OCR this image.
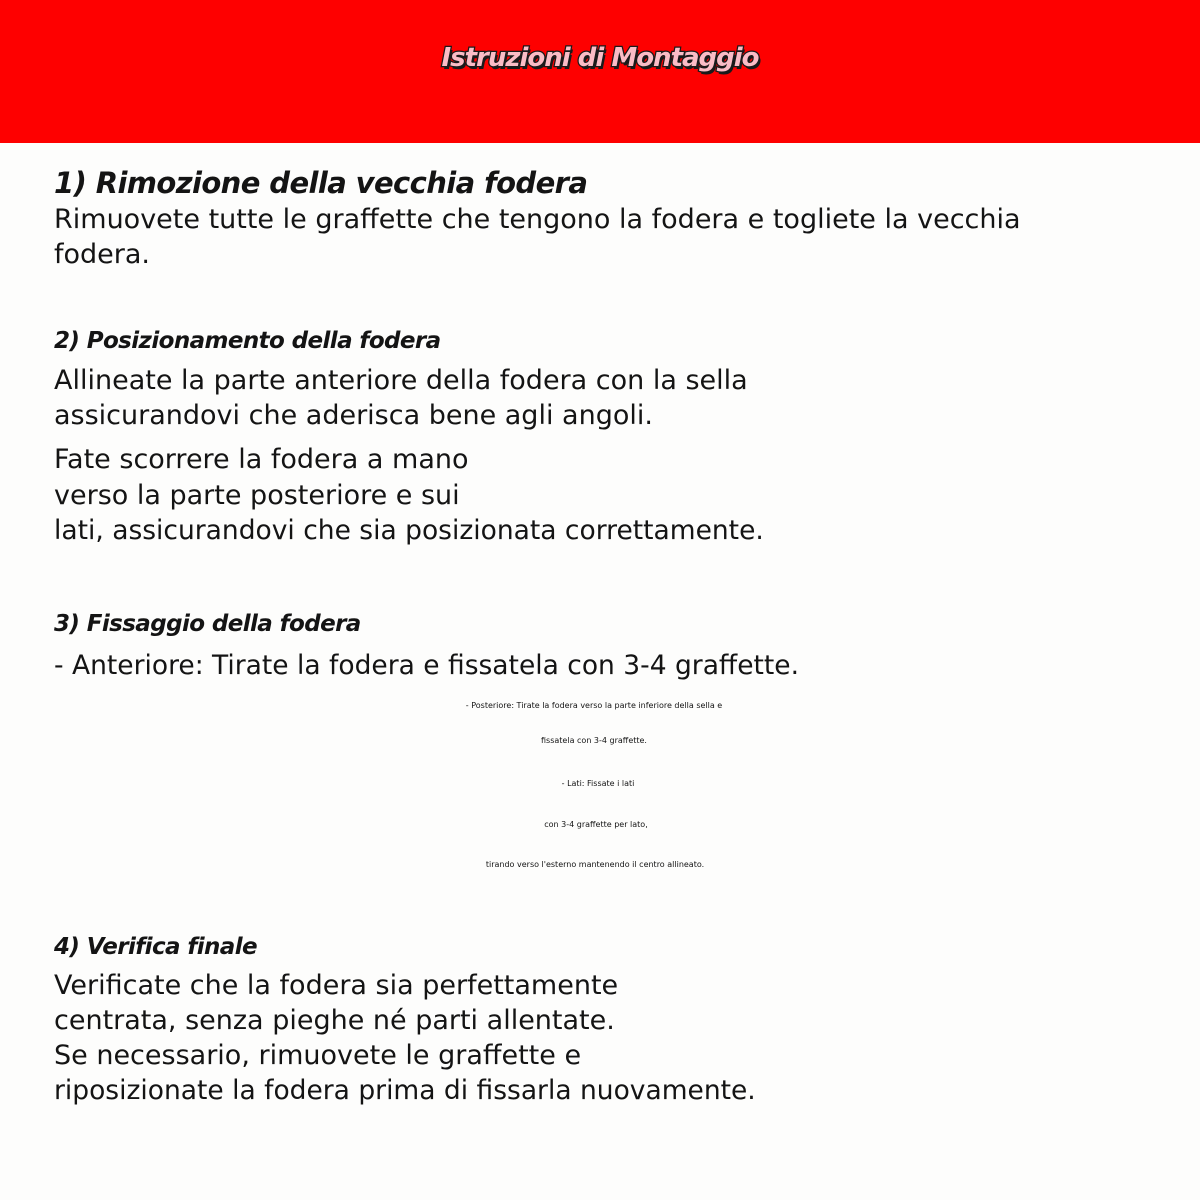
Istruzioni di Montaggio
1) Rimozione della vecchia fodera

Rimuovete tutte le graffette che tengono la fodera e togliete la vecchia

fodera.

2) Posizionamento della fodera

Allineate la parte anteriore della fodera con la sella

assicurandovi che aderisca bene agli angoli.

Fate scorrere la fodera a mano

verso la parte posteriore e sui

lati, assicurandovi che sia posizionata correttamente.

3) Fissaggio della fodera

- Anteriore: Tirate la fodera e fissatela con 3-4 graffette.

- Posteriore: Tirate la fodera verso la parte inferiore della sella e

fissatela con 3-4 graffette.

- Lati: Fissate i lati

con 3-4 graffette per lato,

tirando verso l'esterno mantenendo il centro allineato.

4) Verifica finale

Verificate che la fodera sia perfettamente

centrata, senza pieghe né parti allentate.

Se necessario, rimuovete le graffette e

riposizionate la fodera prima di fissarla nuovamente.
